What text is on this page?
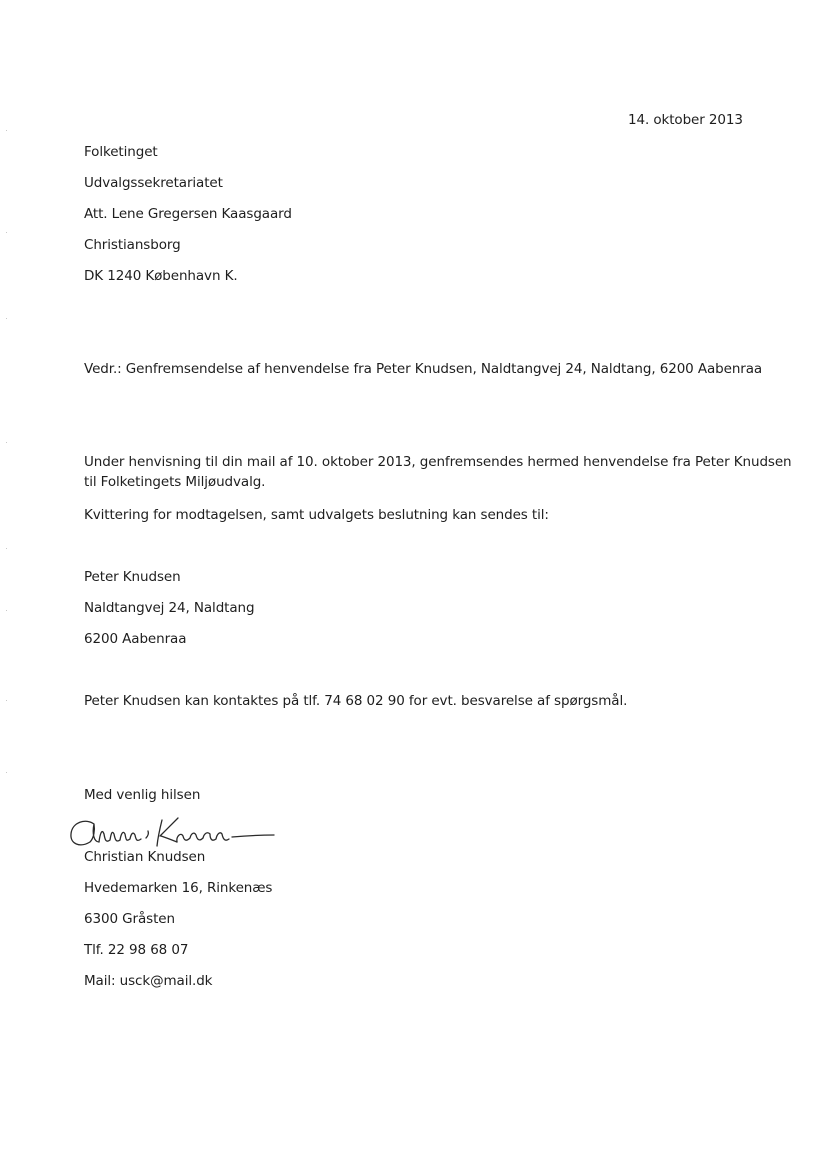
14. oktober 2013
Folketinget
Udvalgssekretariatet
Att. Lene Gregersen Kaasgaard
Christiansborg
DK 1240 København K.
Vedr.: Genfremsendelse af henvendelse fra Peter Knudsen, Naldtangvej 24, Naldtang, 6200 Aabenraa
Under henvisning til din mail af 10. oktober 2013, genfremsendes hermed henvendelse fra Peter Knudsen
til Folketingets Miljøudvalg.
Kvittering for modtagelsen, samt udvalgets beslutning kan sendes til:
Peter Knudsen
Naldtangvej 24, Naldtang
6200 Aabenraa
Peter Knudsen kan kontaktes på tlf. 74 68 02 90 for evt. besvarelse af spørgsmål.
Med venlig hilsen
Christian Knudsen
Hvedemarken 16, Rinkenæs
6300 Gråsten
Tlf. 22 98 68 07
Mail: usck@mail.dk
